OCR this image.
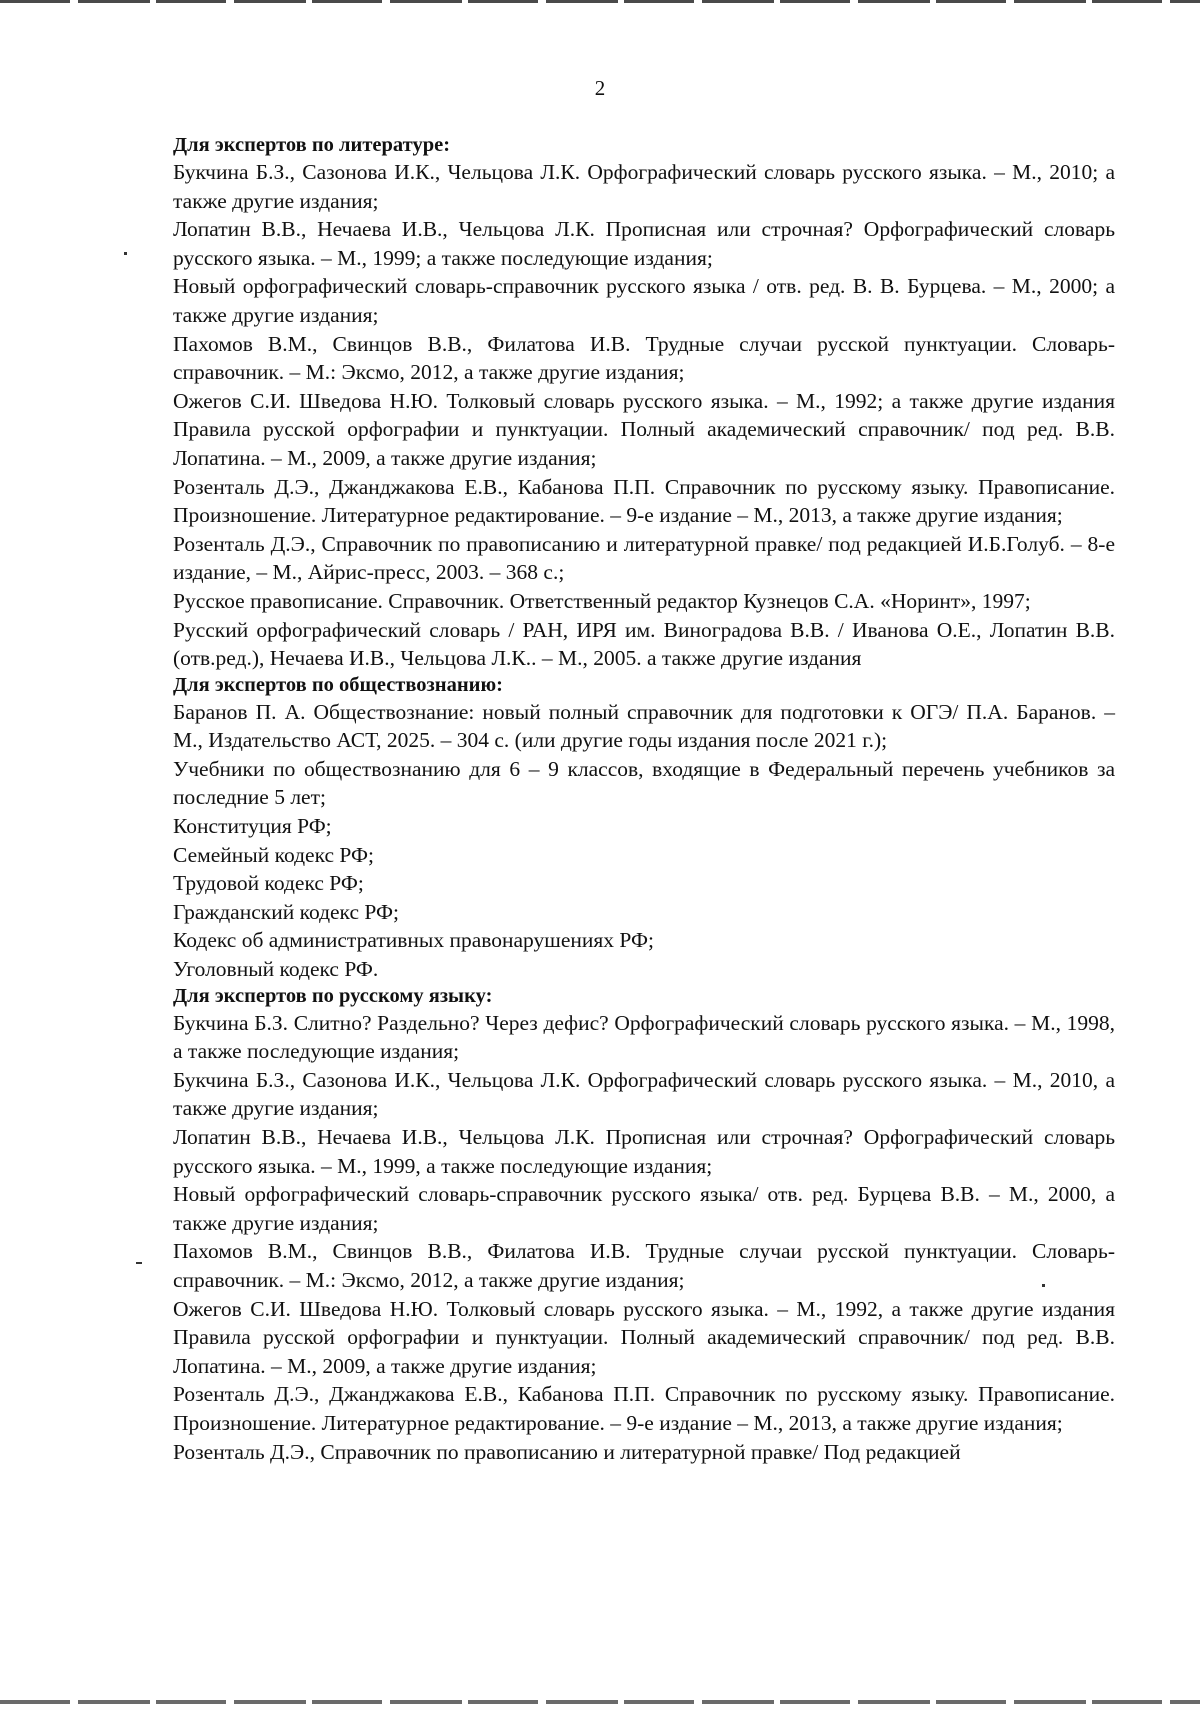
2

Для экспертов по литературе:

Букчина Б.З., Сазонова И.К., Чельцова Л.К. Орфографический словарь русского языка. – М., 2010; а также другие издания;

Лопатин В.В., Нечаева И.В., Чельцова Л.К. Прописная или строчная? Орфографический словарь русского языка. – М., 1999; а также последующие издания;

Новый орфографический словарь-справочник русского языка / отв. ред. В. В. Бурцева. – М., 2000; а также другие издания;

Пахомов В.М., Свинцов В.В., Филатова И.В. Трудные случаи русской пунктуации. Словарь-справочник. – М.: Эксмо, 2012, а также другие издания;

Ожегов С.И. Шведова Н.Ю. Толковый словарь русского языка. – М., 1992; а также другие издания Правила русской орфографии и пунктуации. Полный академический справочник/ под ред. В.В. Лопатина. – М., 2009, а также другие издания;

Розенталь Д.Э., Джанджакова Е.В., Кабанова П.П. Справочник по русскому языку. Правописание. Произношение. Литературное редактирование. – 9-е издание – М., 2013, а также другие издания;

Розенталь Д.Э., Справочник по правописанию и литературной правке/ под редакцией И.Б.Голуб. – 8-е издание, – М., Айрис-пресс, 2003. – 368 с.;

Русское правописание. Справочник. Ответственный редактор Кузнецов С.А. «Норинт», 1997;

Русский орфографический словарь / РАН, ИРЯ им. Виноградова В.В. / Иванова О.Е., Лопатин В.В. (отв.ред.), Нечаева И.В., Чельцова Л.К.. – М., 2005. а также другие издания

Для экспертов по обществознанию:

Баранов П. А. Обществознание: новый полный справочник для подготовки к ОГЭ/ П.А. Баранов. – М., Издательство АСТ, 2025. – 304 с. (или другие годы издания после 2021 г.);

Учебники по обществознанию для 6 – 9 классов, входящие в Федеральный перечень учебников за последние 5 лет;

Конституция РФ;

Семейный кодекс РФ;

Трудовой кодекс РФ;

Гражданский кодекс РФ;

Кодекс об административных правонарушениях РФ;

Уголовный кодекс РФ.

Для экспертов по русскому языку:

Букчина Б.З. Слитно? Раздельно? Через дефис? Орфографический словарь русского языка. – М., 1998, а также последующие издания;

Букчина Б.З., Сазонова И.К., Чельцова Л.К. Орфографический словарь русского языка. – М., 2010, а также другие издания;

Лопатин В.В., Нечаева И.В., Чельцова Л.К. Прописная или строчная? Орфографический словарь русского языка. – М., 1999, а также последующие издания;

Новый орфографический словарь-справочник русского языка/ отв. ред. Бурцева В.В. – М., 2000, а также другие издания;

Пахомов В.М., Свинцов В.В., Филатова И.В. Трудные случаи русской пунктуации. Словарь-справочник. – М.: Эксмо, 2012, а также другие издания;

Ожегов С.И. Шведова Н.Ю. Толковый словарь русского языка. – М., 1992, а также другие издания Правила русской орфографии и пунктуации. Полный академический справочник/ под ред. В.В. Лопатина. – М., 2009, а также другие издания;

Розенталь Д.Э., Джанджакова Е.В., Кабанова П.П. Справочник по русскому языку. Правописание. Произношение. Литературное редактирование. – 9-е издание – М., 2013, а также другие издания;

Розенталь Д.Э., Справочник по правописанию и литературной правке/ Под редакцией
